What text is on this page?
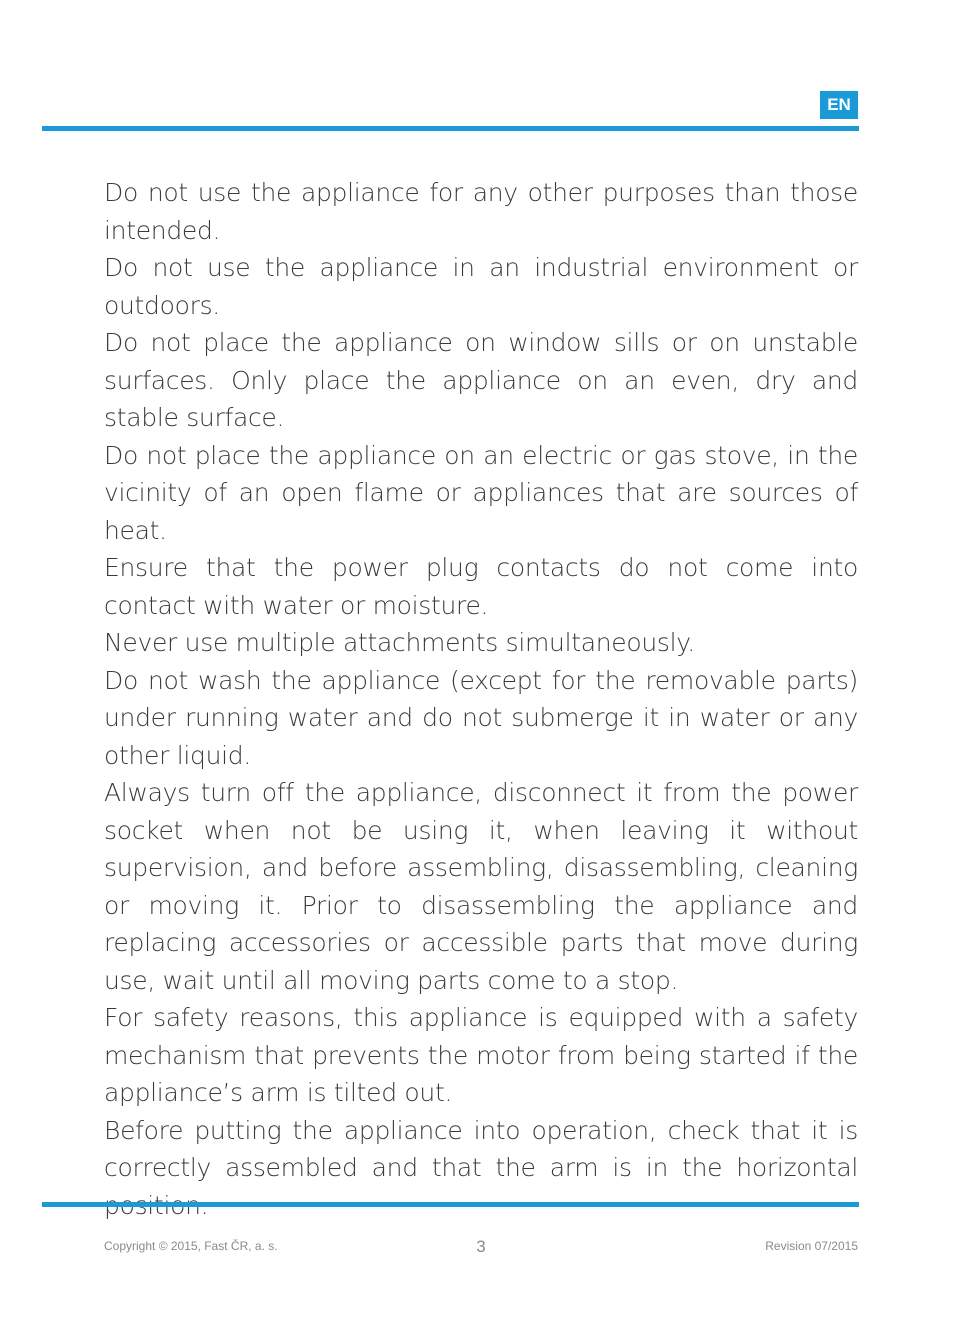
EN

Do not use the appliance for any other purposes than those intended.

Do not use the appliance in an industrial environment or outdoors.

Do not place the appliance on window sills or on unstable surfaces. Only place the appliance on an even, dry and stable surface.

Do not place the appliance on an electric or gas stove, in the vicinity of an open flame or appliances that are sources of heat.

Ensure that the power plug contacts do not come into contact with water or moisture.

Never use multiple attachments simultaneously.

Do not wash the appliance (except for the removable parts) under running water and do not submerge it in water or any other liquid.

Always turn off the appliance, disconnect it from the power socket when not be using it, when leaving it without supervision, and before assembling, disassembling, cleaning or moving it. Prior to disassembling the appliance and replacing accessories or accessible parts that move during use, wait until all moving parts come to a stop.

For safety reasons, this appliance is equipped with a safety mechanism that prevents the motor from being started if the appliance’s arm is tilted out.

Before putting the appliance into operation, check that it is correctly assembled and that the arm is in the horizontal

Copyright © 2015, Fast ČR, a. s.	3	Revision 07/2015
